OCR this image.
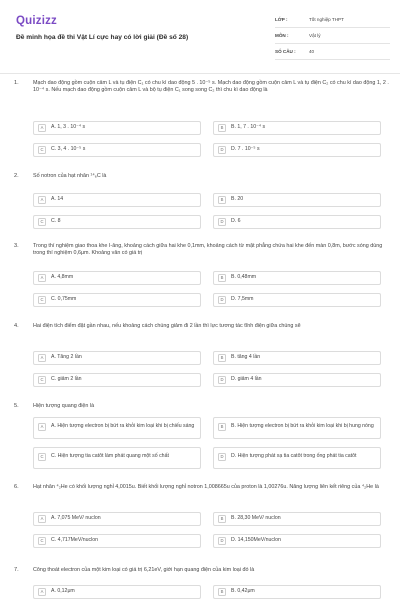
Quizizz
Đề minh họa đề thi Vật Lí cực hay có lời giải (Đề số 28)
LỚP :	Tốt nghiệp THPT
MÔN :	Vật lý
SỐ CÂU :	40
1.	Mạch dao động gồm cuộn cảm L và tụ điện C₁ có chu kì dao động 5 . 10⁻⁵ s. Mạch dao động gồm cuộn cảm L và tụ điện C₂ có chu kì dao động 1, 2 . 10⁻⁴ s. Nếu mạch dao động gồm cuộn cảm L và bộ tụ điện C₁ song song C₂ thì chu kì dao động là
A	A. 1, 3 . 10⁻⁴ s	B	B. 1, 7 . 10⁻⁴ s
C	C. 3, 4 . 10⁻⁵ s	D	D. 7 . 10⁻⁵ s
2.	Số notron của hạt nhân ¹⁴₆C là
A	A. 14	B	B. 20
C	C. 8	D	D. 6
3.	Trong thí nghiệm giao thoa khe I-âng, khoảng cách giữa hai khe 0,1mm, khoảng cách từ mặt phẳng chứa hai khe đến màn 0,8m, bước sóng dùng trong thí nghiệm 0,6μm. Khoảng vân có giá trị
A	A. 4,8mm	B	B. 0,48mm
C	C. 0,75mm	D	D. 7,5mm
4.	Hai điện tích điểm đặt gần nhau, nếu khoảng cách chúng giảm đi 2 lần thì lực tương tác tĩnh điện giữa chúng sẽ
A	A. Tăng 2 lần	B	B. tăng 4 lần
C	C. giảm 2 lần	D	D. giảm 4 lần
5.	Hiện tượng quang điện là
A	A. Hiện tượng electron bị bứt ra khỏi kim loại khi bị chiếu sáng	B	B. Hiện tượng electron bị bứt ra khỏi kim loại khi bị hung nóng
C	C. Hiện tượng tia catôt làm phát quang một số chất	D	D. Hiện tượng phát xạ tia catôt trong ống phát tia catôt
6.	Hạt nhân ⁴₂He có khối lượng nghỉ 4,0015u. Biết khối lượng nghỉ notron 1,008665u của proton là 1,00276u. Năng lượng liên kết riêng của ⁴₂He là
A	A. 7,075 MeV/ nuclon	B	B. 28,30 MeV/ nuclon
C	C. 4,717MeV/nuclon	D	D. 14,150MeV/nuclon
7.	Công thoát electron của một kim loại có giá trị 6,21eV, giới hạn quang điện của kim loại đó là
A	A. 0,12μm	B	B. 0,42μm
